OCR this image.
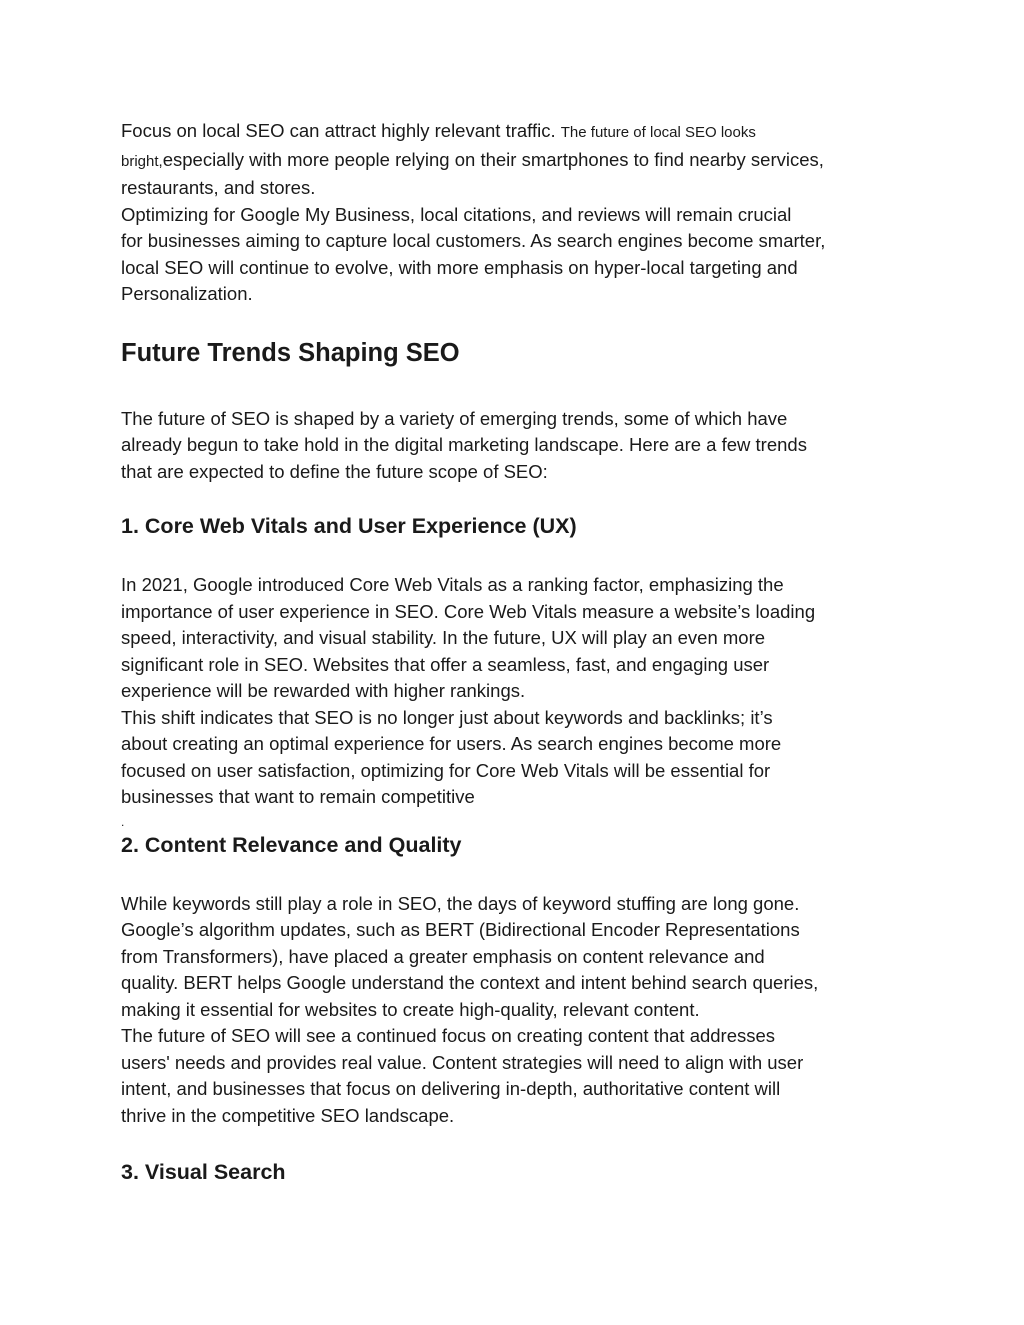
Focus on local SEO can attract highly relevant traffic. The future of local SEO looks
bright,especially with more people relying on their smartphones to find nearby services,
restaurants, and stores.
Optimizing for Google My Business, local citations, and reviews will remain crucial
for businesses aiming to capture local customers. As search engines become smarter,
local SEO will continue to evolve, with more emphasis on hyper-local targeting and
Personalization.
Future Trends Shaping SEO
The future of SEO is shaped by a variety of emerging trends, some of which have
already begun to take hold in the digital marketing landscape. Here are a few trends
that are expected to define the future scope of SEO:
1. Core Web Vitals and User Experience (UX)
In 2021, Google introduced Core Web Vitals as a ranking factor, emphasizing the
importance of user experience in SEO. Core Web Vitals measure a website’s loading
speed, interactivity, and visual stability. In the future, UX will play an even more
significant role in SEO. Websites that offer a seamless, fast, and engaging user
experience will be rewarded with higher rankings.
This shift indicates that SEO is no longer just about keywords and backlinks; it’s
about creating an optimal experience for users. As search engines become more
focused on user satisfaction, optimizing for Core Web Vitals will be essential for
businesses that want to remain competitive
.
2. Content Relevance and Quality
While keywords still play a role in SEO, the days of keyword stuffing are long gone.
Google’s algorithm updates, such as BERT (Bidirectional Encoder Representations
from Transformers), have placed a greater emphasis on content relevance and
quality. BERT helps Google understand the context and intent behind search queries,
making it essential for websites to create high-quality, relevant content.
The future of SEO will see a continued focus on creating content that addresses
users' needs and provides real value. Content strategies will need to align with user
intent, and businesses that focus on delivering in-depth, authoritative content will
thrive in the competitive SEO landscape.
3. Visual Search
